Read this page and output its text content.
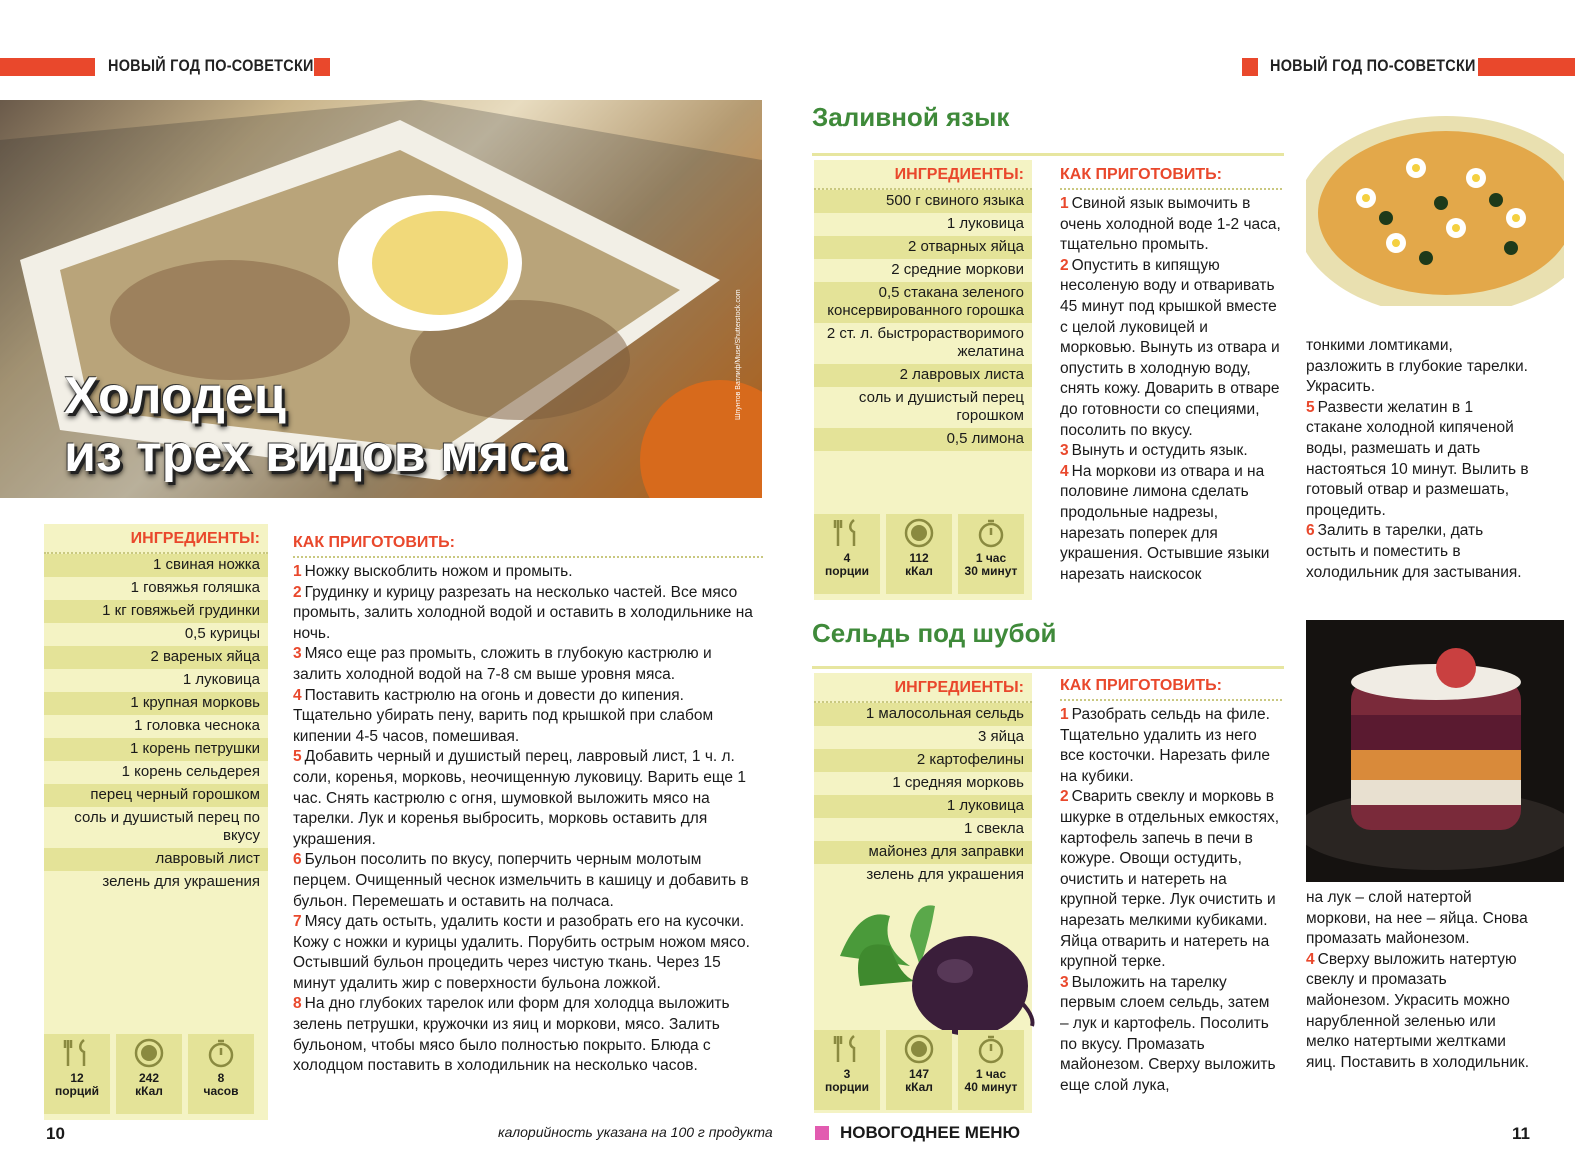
НОВЫЙ ГОД ПО-СОВЕТСКИ	НОВЫЙ ГОД ПО-СОВЕТСКИ
Холодец
из трех видов мяса
Шпунтов Ватлиф/Muse/Shutterstock.com
ИНГРЕДИЕНТЫ:
1 свиная ножка
1 говяжья голяшка
1 кг говяжьей грудинки
0,5 курицы
2 вареных яйца
1 луковица
1 крупная морковь
1 головка чеснока
1 корень петрушки
1 корень сельдерея
перец черный горошком
соль и душистый перец по вкусу
лавровый лист
зелень для украшения
12
порций
242
кКал
8
часов
КАК ПРИГОТОВИТЬ:
1 Ножку выскоблить ножом и промыть.
2 Грудинку и курицу разрезать на несколько частей. Все мясо промыть, залить холодной водой и оставить в холодильнике на ночь.
3 Мясо еще раз промыть, сложить в глубокую кастрюлю и залить холодной водой на 7-8 см выше уровня мяса.
4 Поставить кастрюлю на огонь и довести до кипения. Тщательно убирать пену, варить под крышкой при слабом кипении 4-5 часов, помешивая.
5 Добавить черный и душистый перец, лавровый лист, 1 ч. л. соли, коренья, морковь, неочищенную луковицу. Варить еще 1 час. Снять кастрюлю с огня, шумовкой выложить мясо на тарелки. Лук и коренья выбросить, морковь оставить для украшения.
6 Бульон посолить по вкусу, поперчить черным молотым перцем. Очищенный чеснок измельчить в кашицу и добавить в бульон. Перемешать и оставить на полчаса.
7 Мясу дать остыть, удалить кости и разобрать его на кусочки. Кожу с ножки и курицы удалить. Порубить острым ножом мясо. Остывший бульон процедить через чистую ткань. Через 15 минут удалить жир с поверхности бульона ложкой.
8 На дно глубоких тарелок или форм для холодца выложить зелень петрушки, кружочки из яиц и моркови, мясо. Залить бульоном, чтобы мясо было полностью покрыто. Блюда с холодцом поставить в холодильник на несколько часов.
Заливной язык
ИНГРЕДИЕНТЫ:
500 г свиного языка
1 луковица
2 отварных яйца
2 средние моркови
0,5 стакана зеленого консервированного горошка
2 ст. л. быстрорастворимого желатина
2 лавровых листа
соль и душистый перец горошком
0,5 лимона
4
порции
112
кКал
1 час
30 минут
КАК ПРИГОТОВИТЬ:
1 Свиной язык вымочить в очень холодной воде 1-2 часа, тщательно промыть.
2 Опустить в кипящую несоленую воду и отваривать 45 минут под крышкой вместе с целой луковицей и морковью. Вынуть из отвара и опустить в холодную воду, снять кожу. Доварить в отваре до готовности со специями, посолить по вкусу.
3 Вынуть и остудить язык.
4 На моркови из отвара и на половине лимона сделать продольные надрезы, нарезать поперек для украшения. Остывшие языки нарезать наискосок
тонкими ломтиками, разложить в глубокие тарелки. Украсить.
5 Развести желатин в 1 стакане холодной кипяченой воды, размешать и дать настояться 10 минут. Вылить в готовый отвар и размешать, процедить.
6 Залить в тарелки, дать остыть и поместить в холодильник для застывания.
Сельдь под шубой
ИНГРЕДИЕНТЫ:
1 малосольная сельдь
3 яйца
2 картофелины
1 средняя морковь
1 луковица
1 свекла
майонез для заправки
зелень для украшения
3
порции
147
кКал
1 час
40 минут
КАК ПРИГОТОВИТЬ:
1 Разобрать сельдь на филе. Тщательно удалить из него все косточки. Нарезать филе на кубики.
2 Сварить свеклу и морковь в шкурке в отдельных емкостях, картофель запечь в печи в кожуре. Овощи остудить, очистить и натереть на крупной терке. Лук очистить и нарезать мелкими кубиками. Яйца отварить и натереть на крупной терке.
3 Выложить на тарелку первым слоем сельдь, затем – лук и картофель. Посолить по вкусу. Промазать майонезом. Сверху выложить еще слой лука,
на лук – слой натертой моркови, на нее – яйца. Снова промазать майонезом.
4 Сверху выложить натертую свеклу и промазать майонезом. Украсить можно нарубленной зеленью или мелко натертыми желтками яиц. Поставить в холодильник.
10	калорийность указана на 100 г продукта	НОВОГОДНЕЕ МЕНЮ	11
